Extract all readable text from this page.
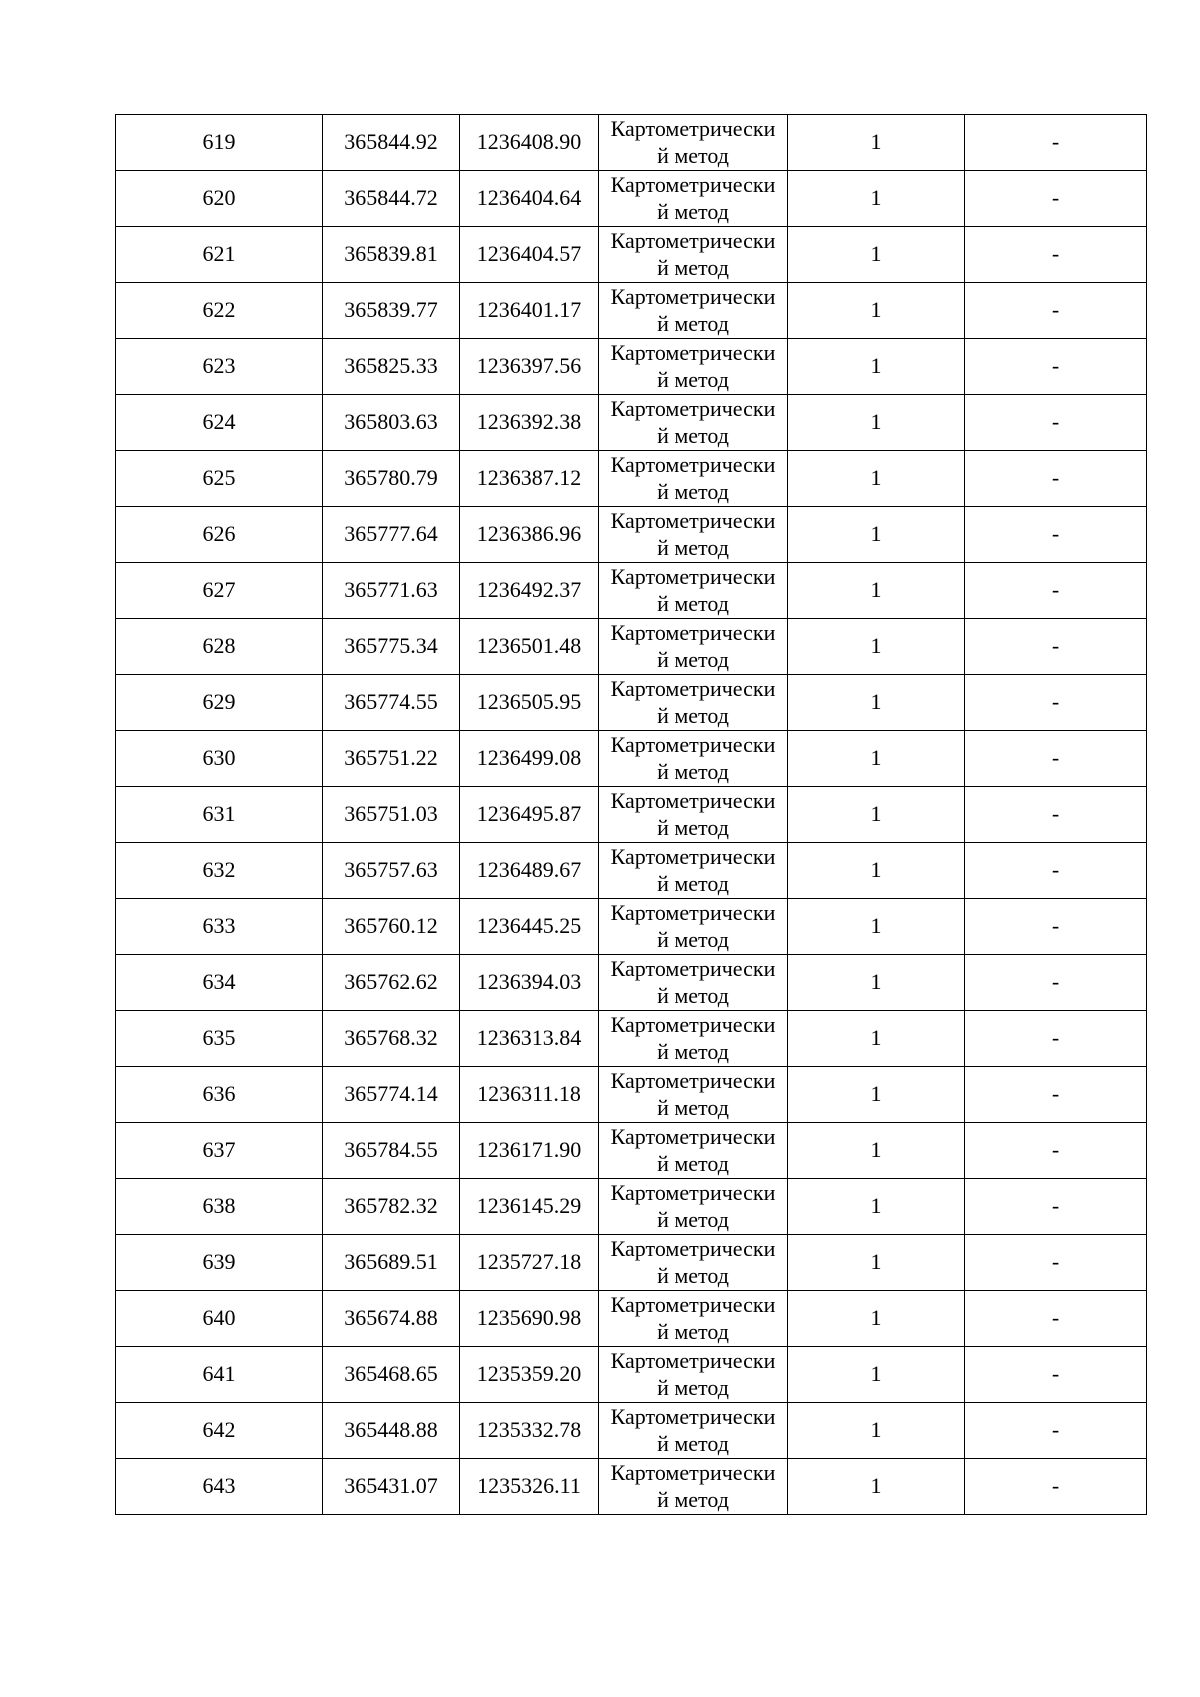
619	365844.92	1236408.90	Картометрически
й метод	1	-
620	365844.72	1236404.64	Картометрически
й метод	1	-
621	365839.81	1236404.57	Картометрически
й метод	1	-
622	365839.77	1236401.17	Картометрически
й метод	1	-
623	365825.33	1236397.56	Картометрически
й метод	1	-
624	365803.63	1236392.38	Картометрически
й метод	1	-
625	365780.79	1236387.12	Картометрически
й метод	1	-
626	365777.64	1236386.96	Картометрически
й метод	1	-
627	365771.63	1236492.37	Картометрически
й метод	1	-
628	365775.34	1236501.48	Картометрически
й метод	1	-
629	365774.55	1236505.95	Картометрически
й метод	1	-
630	365751.22	1236499.08	Картометрически
й метод	1	-
631	365751.03	1236495.87	Картометрически
й метод	1	-
632	365757.63	1236489.67	Картометрически
й метод	1	-
633	365760.12	1236445.25	Картометрически
й метод	1	-
634	365762.62	1236394.03	Картометрически
й метод	1	-
635	365768.32	1236313.84	Картометрически
й метод	1	-
636	365774.14	1236311.18	Картометрически
й метод	1	-
637	365784.55	1236171.90	Картометрически
й метод	1	-
638	365782.32	1236145.29	Картометрически
й метод	1	-
639	365689.51	1235727.18	Картометрически
й метод	1	-
640	365674.88	1235690.98	Картометрически
й метод	1	-
641	365468.65	1235359.20	Картометрически
й метод	1	-
642	365448.88	1235332.78	Картометрически
й метод	1	-
643	365431.07	1235326.11	Картометрически
й метод	1	-
